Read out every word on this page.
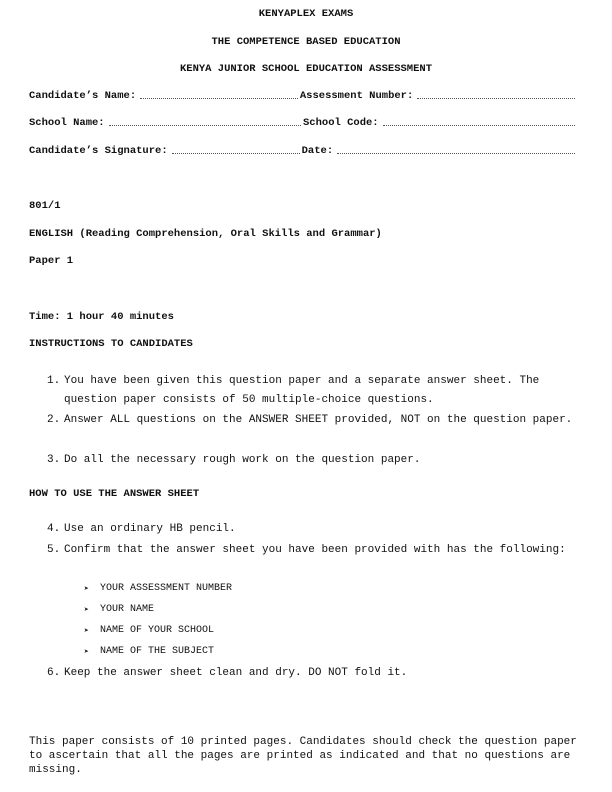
KENYAPLEX EXAMS
THE COMPETENCE BASED EDUCATION
KENYA JUNIOR SCHOOL EDUCATION ASSESSMENT
Candidate’s Name:	Assessment Number:
School Name:	School Code:
Candidate’s Signature:	Date:
801/1
ENGLISH (Reading Comprehension, Oral Skills and Grammar)
Paper 1
Time: 1 hour 40 minutes
INSTRUCTIONS TO CANDIDATES
1. You have been given this question paper and a separate answer sheet. The question paper consists of 50 multiple-choice questions.
2. Answer ALL questions on the ANSWER SHEET provided, NOT on the question paper.
3. Do all the necessary rough work on the question paper.
HOW TO USE THE ANSWER SHEET
4. Use an ordinary HB pencil.
5. Confirm that the answer sheet you have been provided with has the following:
➤	YOUR ASSESSMENT NUMBER
➤	YOUR NAME
➤	NAME OF YOUR SCHOOL
➤	NAME OF THE SUBJECT
6. Keep the answer sheet clean and dry. DO NOT fold it.
This paper consists of 10 printed pages. Candidates should check the question paper to ascertain that all the pages are printed as indicated and that no questions are missing.
